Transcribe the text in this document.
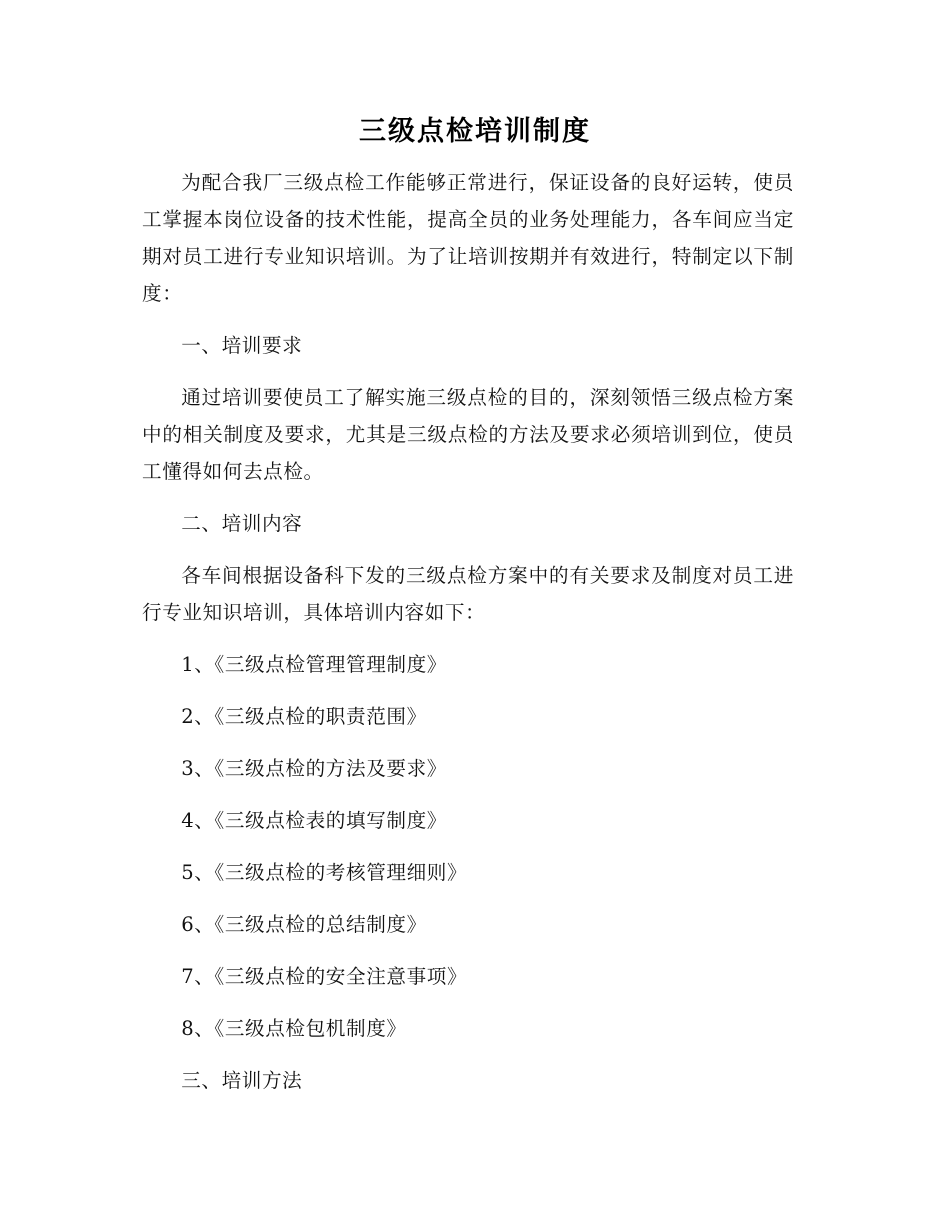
三级点检培训制度

为配合我厂三级点检工作能够正常进行，保证设备的良好运转，使员工掌握本岗位设备的技术性能，提高全员的业务处理能力，各车间应当定期对员工进行专业知识培训。为了让培训按期并有效进行，特制定以下制度：

一、培训要求

通过培训要使员工了解实施三级点检的目的，深刻领悟三级点检方案中的相关制度及要求，尤其是三级点检的方法及要求必须培训到位，使员工懂得如何去点检。

二、培训内容

各车间根据设备科下发的三级点检方案中的有关要求及制度对员工进行专业知识培训，具体培训内容如下：

1、《三级点检管理管理制度》

2、《三级点检的职责范围》

3、《三级点检的方法及要求》

4、《三级点检表的填写制度》

5、《三级点检的考核管理细则》

6、《三级点检的总结制度》

7、《三级点检的安全注意事项》

8、《三级点检包机制度》

三、培训方法
